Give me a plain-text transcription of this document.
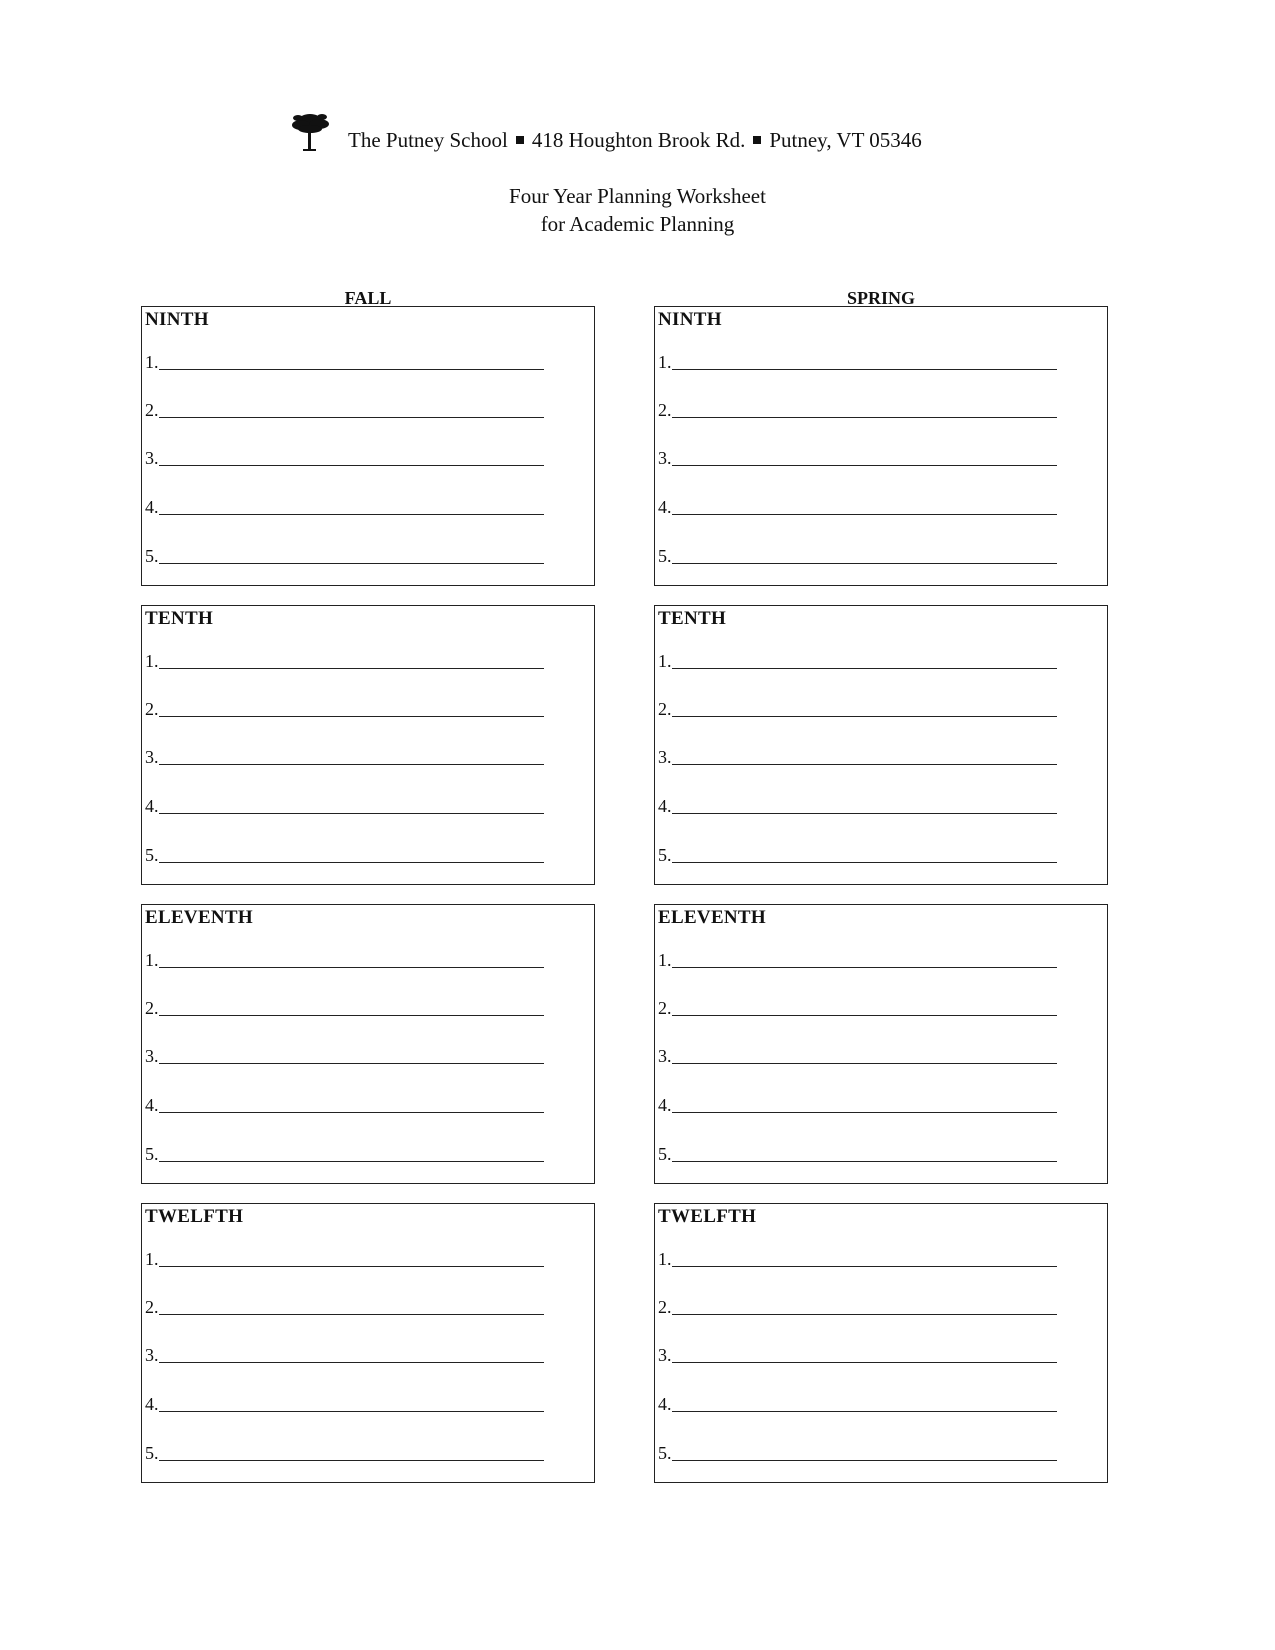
The Putney School 418 Houghton Brook Rd. Putney, VT 05346
Four Year Planning Worksheet
for Academic Planning
FALL	SPRING
NINTH
1.
2.
3.
4.
5.
NINTH
1.
2.
3.
4.
5.
TENTH
1.
2.
3.
4.
5.
TENTH
1.
2.
3.
4.
5.
ELEVENTH
1.
2.
3.
4.
5.
ELEVENTH
1.
2.
3.
4.
5.
TWELFTH
1.
2.
3.
4.
5.
TWELFTH
1.
2.
3.
4.
5.
